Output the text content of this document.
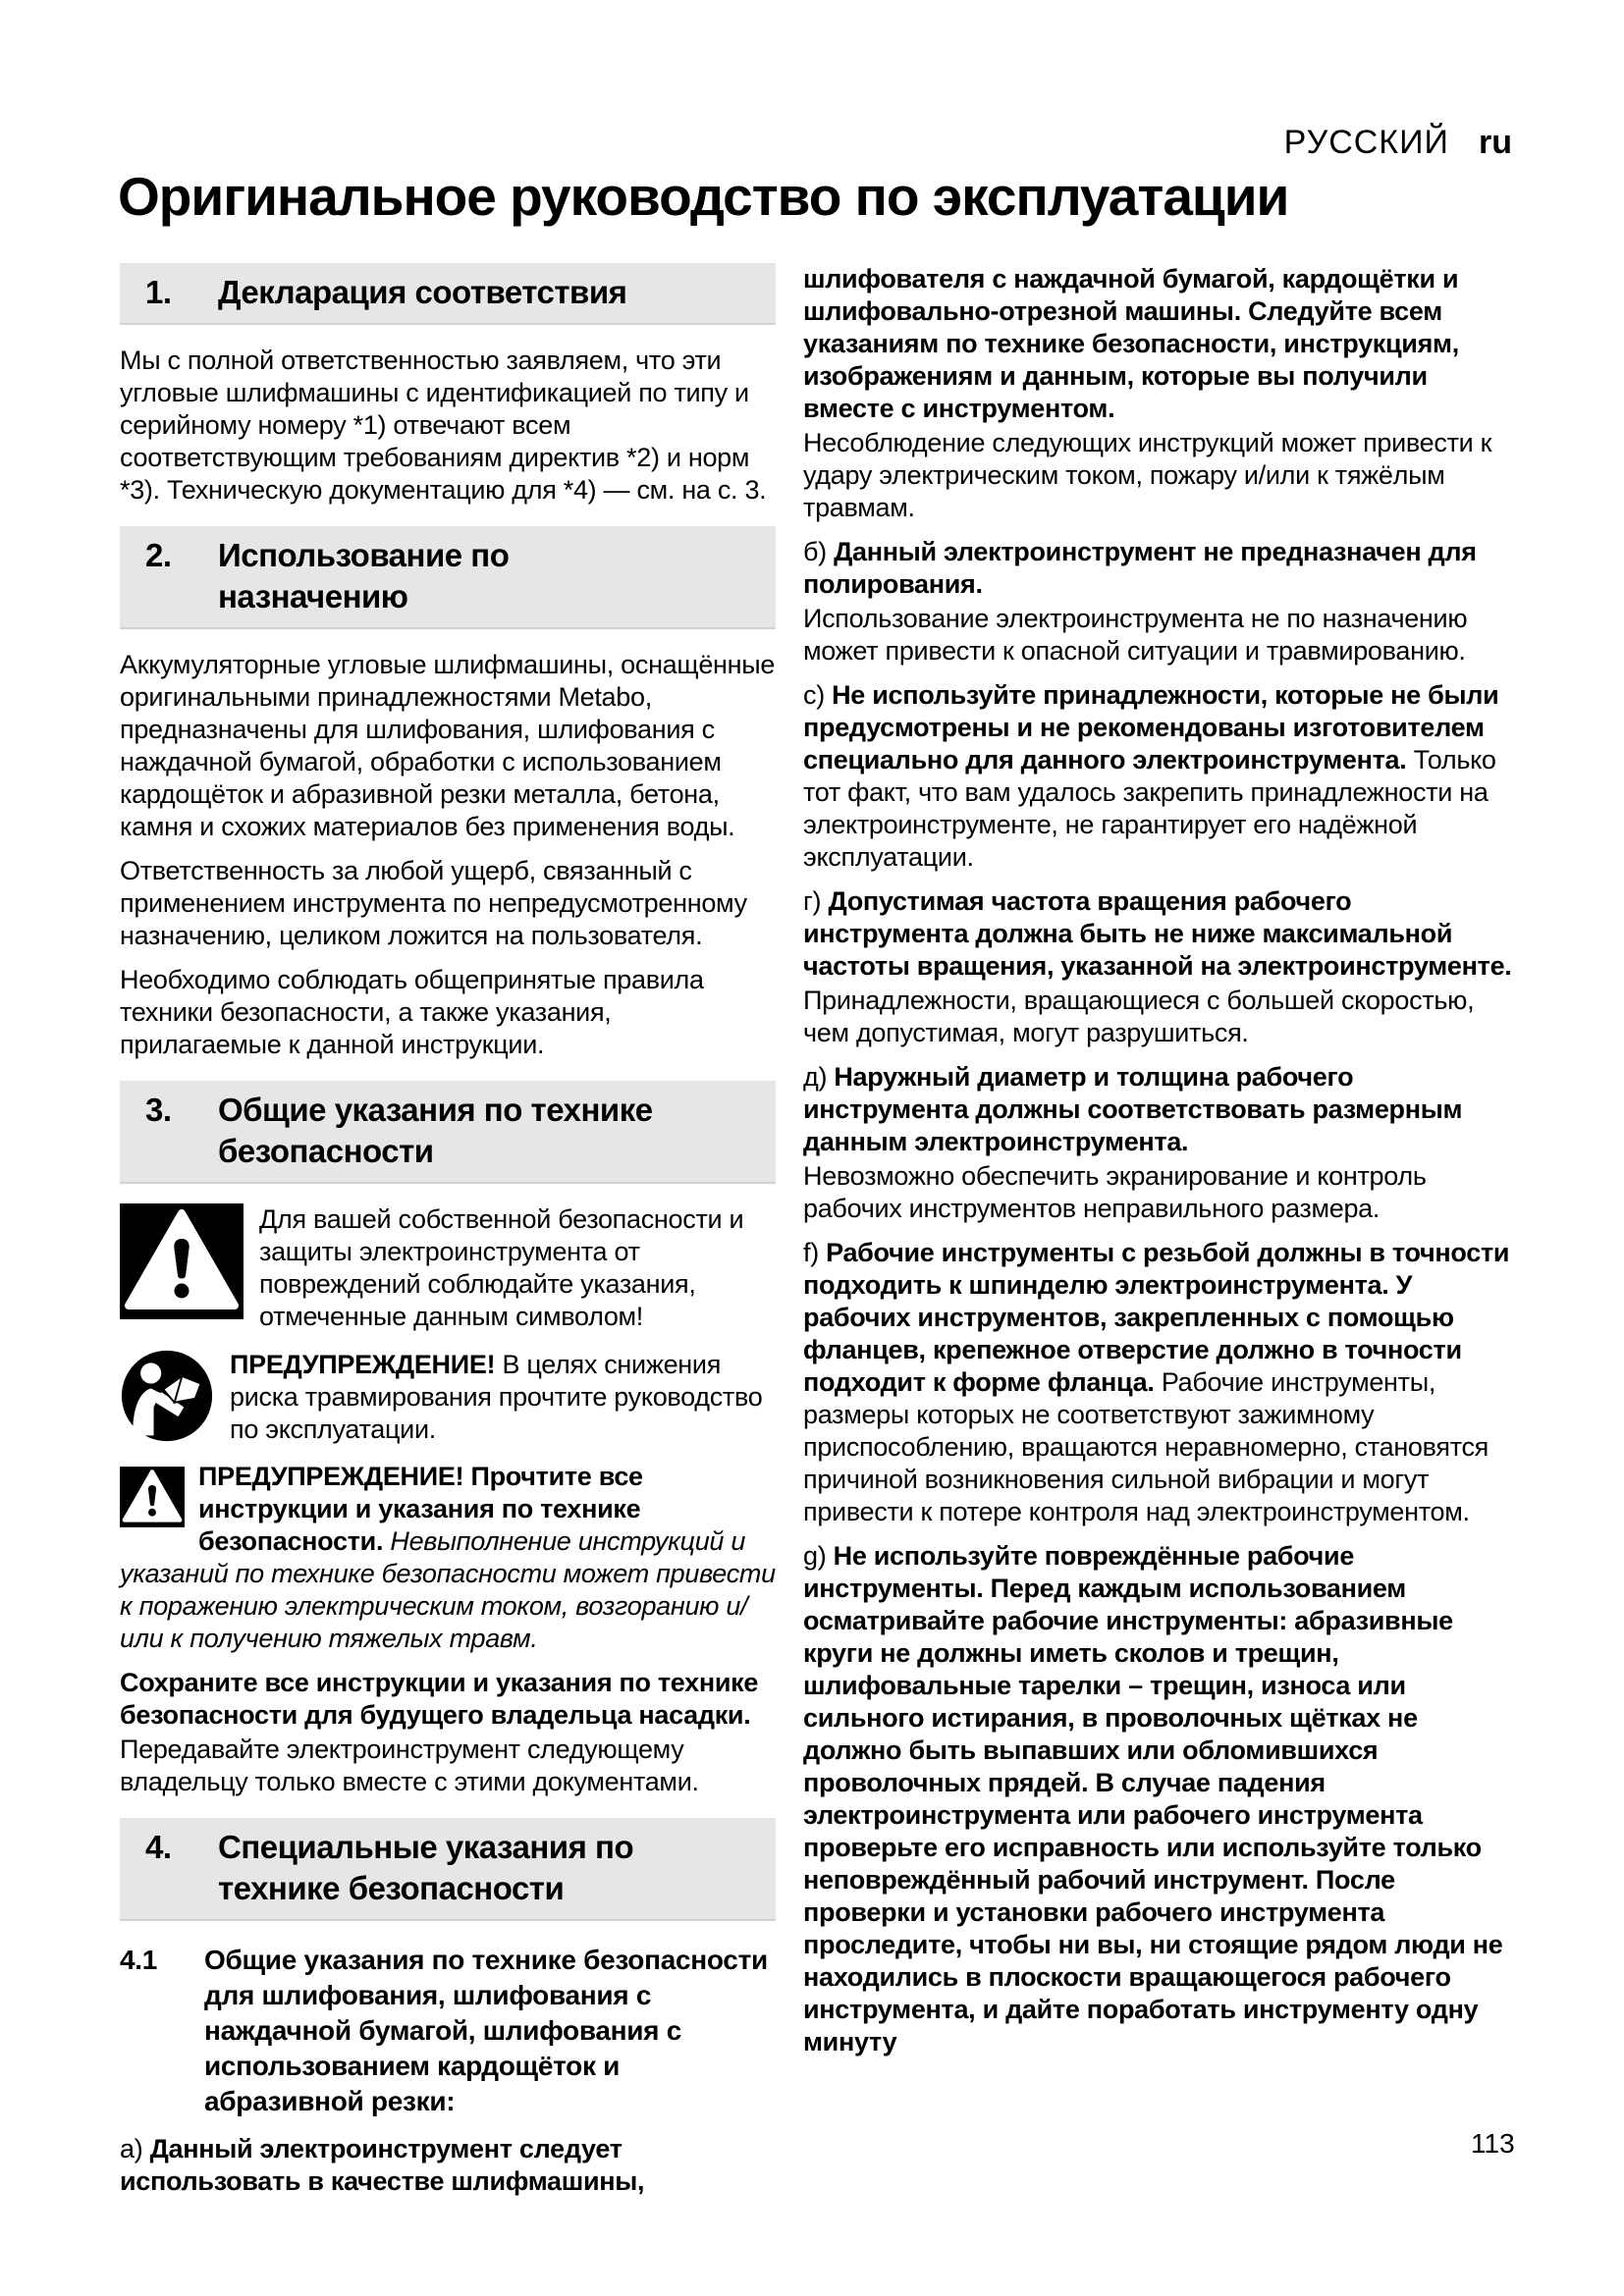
РУССКИЙ ru
Оригинальное руководство по эксплуатации
1. Декларация соответствия

Мы с полной ответственностью заявляем, что эти угловые шлифмашины с идентификацией по типу и серийному номеру *1) отвечают всем соответствующим требованиям директив *2) и норм *3). Техническую документацию для *4) — см. на с. 3.

2. Использование по назначению

Аккумуляторные угловые шлифмашины, оснащённые оригинальными принадлежностями Metabo, предназначены для шлифования, шлифования с наждачной бумагой, обработки с использованием кардощёток и абразивной резки металла, бетона, камня и схожих материалов без применения воды.

Ответственность за любой ущерб, связанный с применением инструмента по непредусмотренному назначению, целиком ложится на пользователя.

Необходимо соблюдать общепринятые правила техники безопасности, а также указания, прилагаемые к данной инструкции.

3. Общие указания по технике безопасности
Для вашей собственной безопасности и защиты электроинструмента от повреждений соблюдайте указания, отмеченные данным символом!
ПРЕДУПРЕЖДЕНИЕ! В целях снижения риска травмирования прочтите руководство по эксплуатации.
ПРЕДУПРЕЖДЕНИЕ! Прочтите все инструкции и указания по технике безопасности. Невыполнение инструкций и указаний по технике безопасности может привести к поражению электрическим током, возгоранию и/или к получению тяжелых травм.

Сохраните все инструкции и указания по технике безопасности для будущего владельца насадки.

Передавайте электроинструмент следующему владельцу только вместе с этими документами.

4. Специальные указания по технике безопасности
4.1 Общие указания по технике безопасности для шлифования, шлифования с наждачной бумагой, шлифования с использованием кардощёток и абразивной резки:

a) Данный электроинструмент следует использовать в качестве шлифмашины,

шлифователя с наждачной бумагой, кардощётки и шлифовально-отрезной машины. Следуйте всем указаниям по технике безопасности, инструкциям, изображениям и данным, которые вы получили вместе с инструментом.

Несоблюдение следующих инструкций может привести к удару электрическим током, пожару и/или к тяжёлым травмам.

б) Данный электроинструмент не предназначен для полирования.

Использование электроинструмента не по назначению может привести к опасной ситуации и травмированию.

с) Не используйте принадлежности, которые не были предусмотрены и не рекомендованы изготовителем специально для данного электроинструмента. Только тот факт, что вам удалось закрепить принадлежности на электроинструменте, не гарантирует его надёжной эксплуатации.

г) Допустимая частота вращения рабочего инструмента должна быть не ниже максимальной частоты вращения, указанной на электроинструменте.

Принадлежности, вращающиеся с большей скоростью, чем допустимая, могут разрушиться.

д) Наружный диаметр и толщина рабочего инструмента должны соответствовать размерным данным электроинструмента.

Невозможно обеспечить экранирование и контроль рабочих инструментов неправильного размера.

f) Рабочие инструменты с резьбой должны в точности подходить к шпинделю электроинструмента. У рабочих инструментов, закрепленных с помощью фланцев, крепежное отверстие должно в точности подходит к форме фланца. Рабочие инструменты, размеры которых не соответствуют зажимному приспособлению, вращаются неравномерно, становятся причиной возникновения сильной вибрации и могут привести к потере контроля над электроинструментом.

g) Не используйте повреждённые рабочие инструменты. Перед каждым использованием осматривайте рабочие инструменты: абразивные круги не должны иметь сколов и трещин, шлифовальные тарелки – трещин, износа или сильного истирания, в проволочных щётках не должно быть выпавших или обломившихся проволочных прядей. В случае падения электроинструмента или рабочего инструмента проверьте его исправность или используйте только неповреждённый рабочий инструмент. После проверки и установки рабочего инструмента проследите, чтобы ни вы, ни стоящие рядом люди не находились в плоскости вращающегося рабочего инструмента, и дайте поработать инструменту одну минуту

113
